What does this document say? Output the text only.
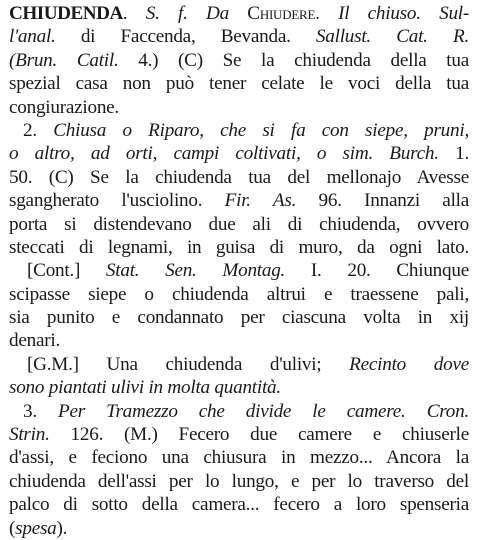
CHIUDENDA. S. f. Da Chiudere. Il chiuso. Sul-
l'anal. di Faccenda, Bevanda. Sallust. Cat. R.
(Brun. Catil. 4.) (C) Se la chiudenda della tua
spezial casa non può tener celate le voci della tua
congiurazione.
2. Chiusa o Riparo, che si fa con siepe, pruni,
o altro, ad orti, campi coltivati, o sim. Burch. 1.
50. (C) Se la chiudenda tua del mellonajo Avesse
sgangherato l'usciolino. Fir. As. 96. Innanzi alla
porta si distendevano due ali di chiudenda, ovvero
steccati di legnami, in guisa di muro, da ogni lato.
[Cont.] Stat. Sen. Montag. I. 20. Chiunque
scipasse siepe o chiudenda altrui e traessene pali,
sia punito e condannato per ciascuna volta in xij
denari.
[G.M.] Una chiudenda d'ulivi; Recinto dove
sono piantati ulivi in molta quantità.
3. Per Tramezzo che divide le camere. Cron.
Strin. 126. (M.) Fecero due camere e chiuserle
d'assi, e feciono una chiusura in mezzo... Ancora la
chiudenda dell'assi per lo lungo, e per lo traverso del
palco di sotto della camera... fecero a loro spenseria
(spesa).
